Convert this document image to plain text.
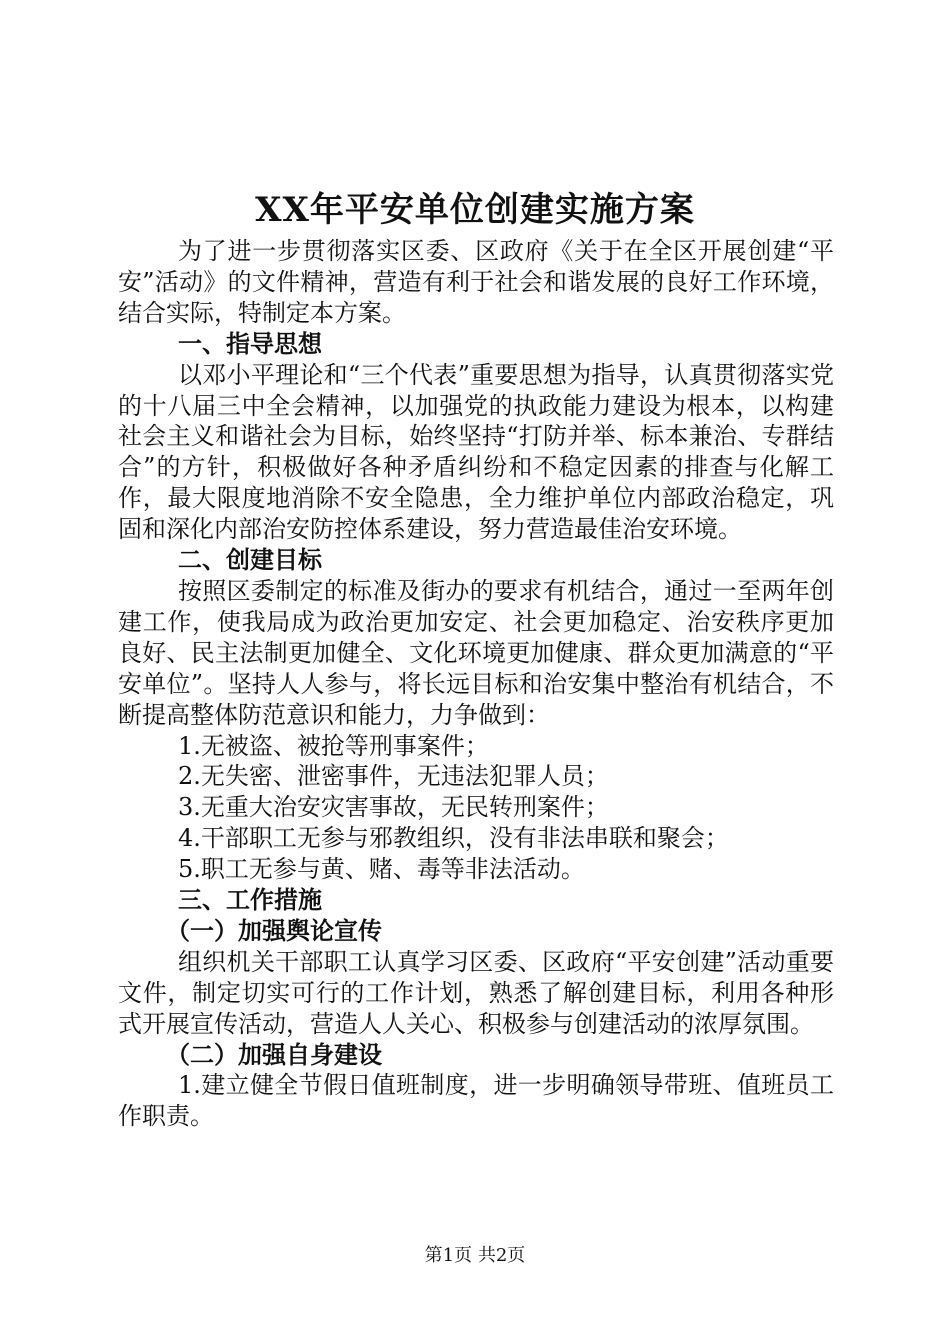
XX年平安单位创建实施方案

为了进一步贯彻落实区委、区政府《关于在全区开展创建“平安”活动》的文件精神，营造有利于社会和谐发展的良好工作环境，结合实际，特制定本方案。

一、指导思想

以邓小平理论和“三个代表”重要思想为指导，认真贯彻落实党的十八届三中全会精神，以加强党的执政能力建设为根本，以构建社会主义和谐社会为目标，始终坚持“打防并举、标本兼治、专群结合”的方针，积极做好各种矛盾纠纷和不稳定因素的排查与化解工作，最大限度地消除不安全隐患，全力维护单位内部政治稳定，巩固和深化内部治安防控体系建设，努力营造最佳治安环境。

二、创建目标

按照区委制定的标准及街办的要求有机结合，通过一至两年创建工作，使我局成为政治更加安定、社会更加稳定、治安秩序更加良好、民主法制更加健全、文化环境更加健康、群众更加满意的“平安单位”。坚持人人参与，将长远目标和治安集中整治有机结合，不断提高整体防范意识和能力，力争做到：

1.无被盗、被抢等刑事案件；

2.无失密、泄密事件，无违法犯罪人员；

3.无重大治安灾害事故，无民转刑案件；

4.干部职工无参与邪教组织，没有非法串联和聚会；

5.职工无参与黄、赌、毒等非法活动。

三、工作措施

（一）加强舆论宣传

组织机关干部职工认真学习区委、区政府“平安创建”活动重要文件，制定切实可行的工作计划，熟悉了解创建目标，利用各种形式开展宣传活动，营造人人关心、积极参与创建活动的浓厚氛围。

（二）加强自身建设

1.建立健全节假日值班制度，进一步明确领导带班、值班员工作职责。

第1页 共2页
